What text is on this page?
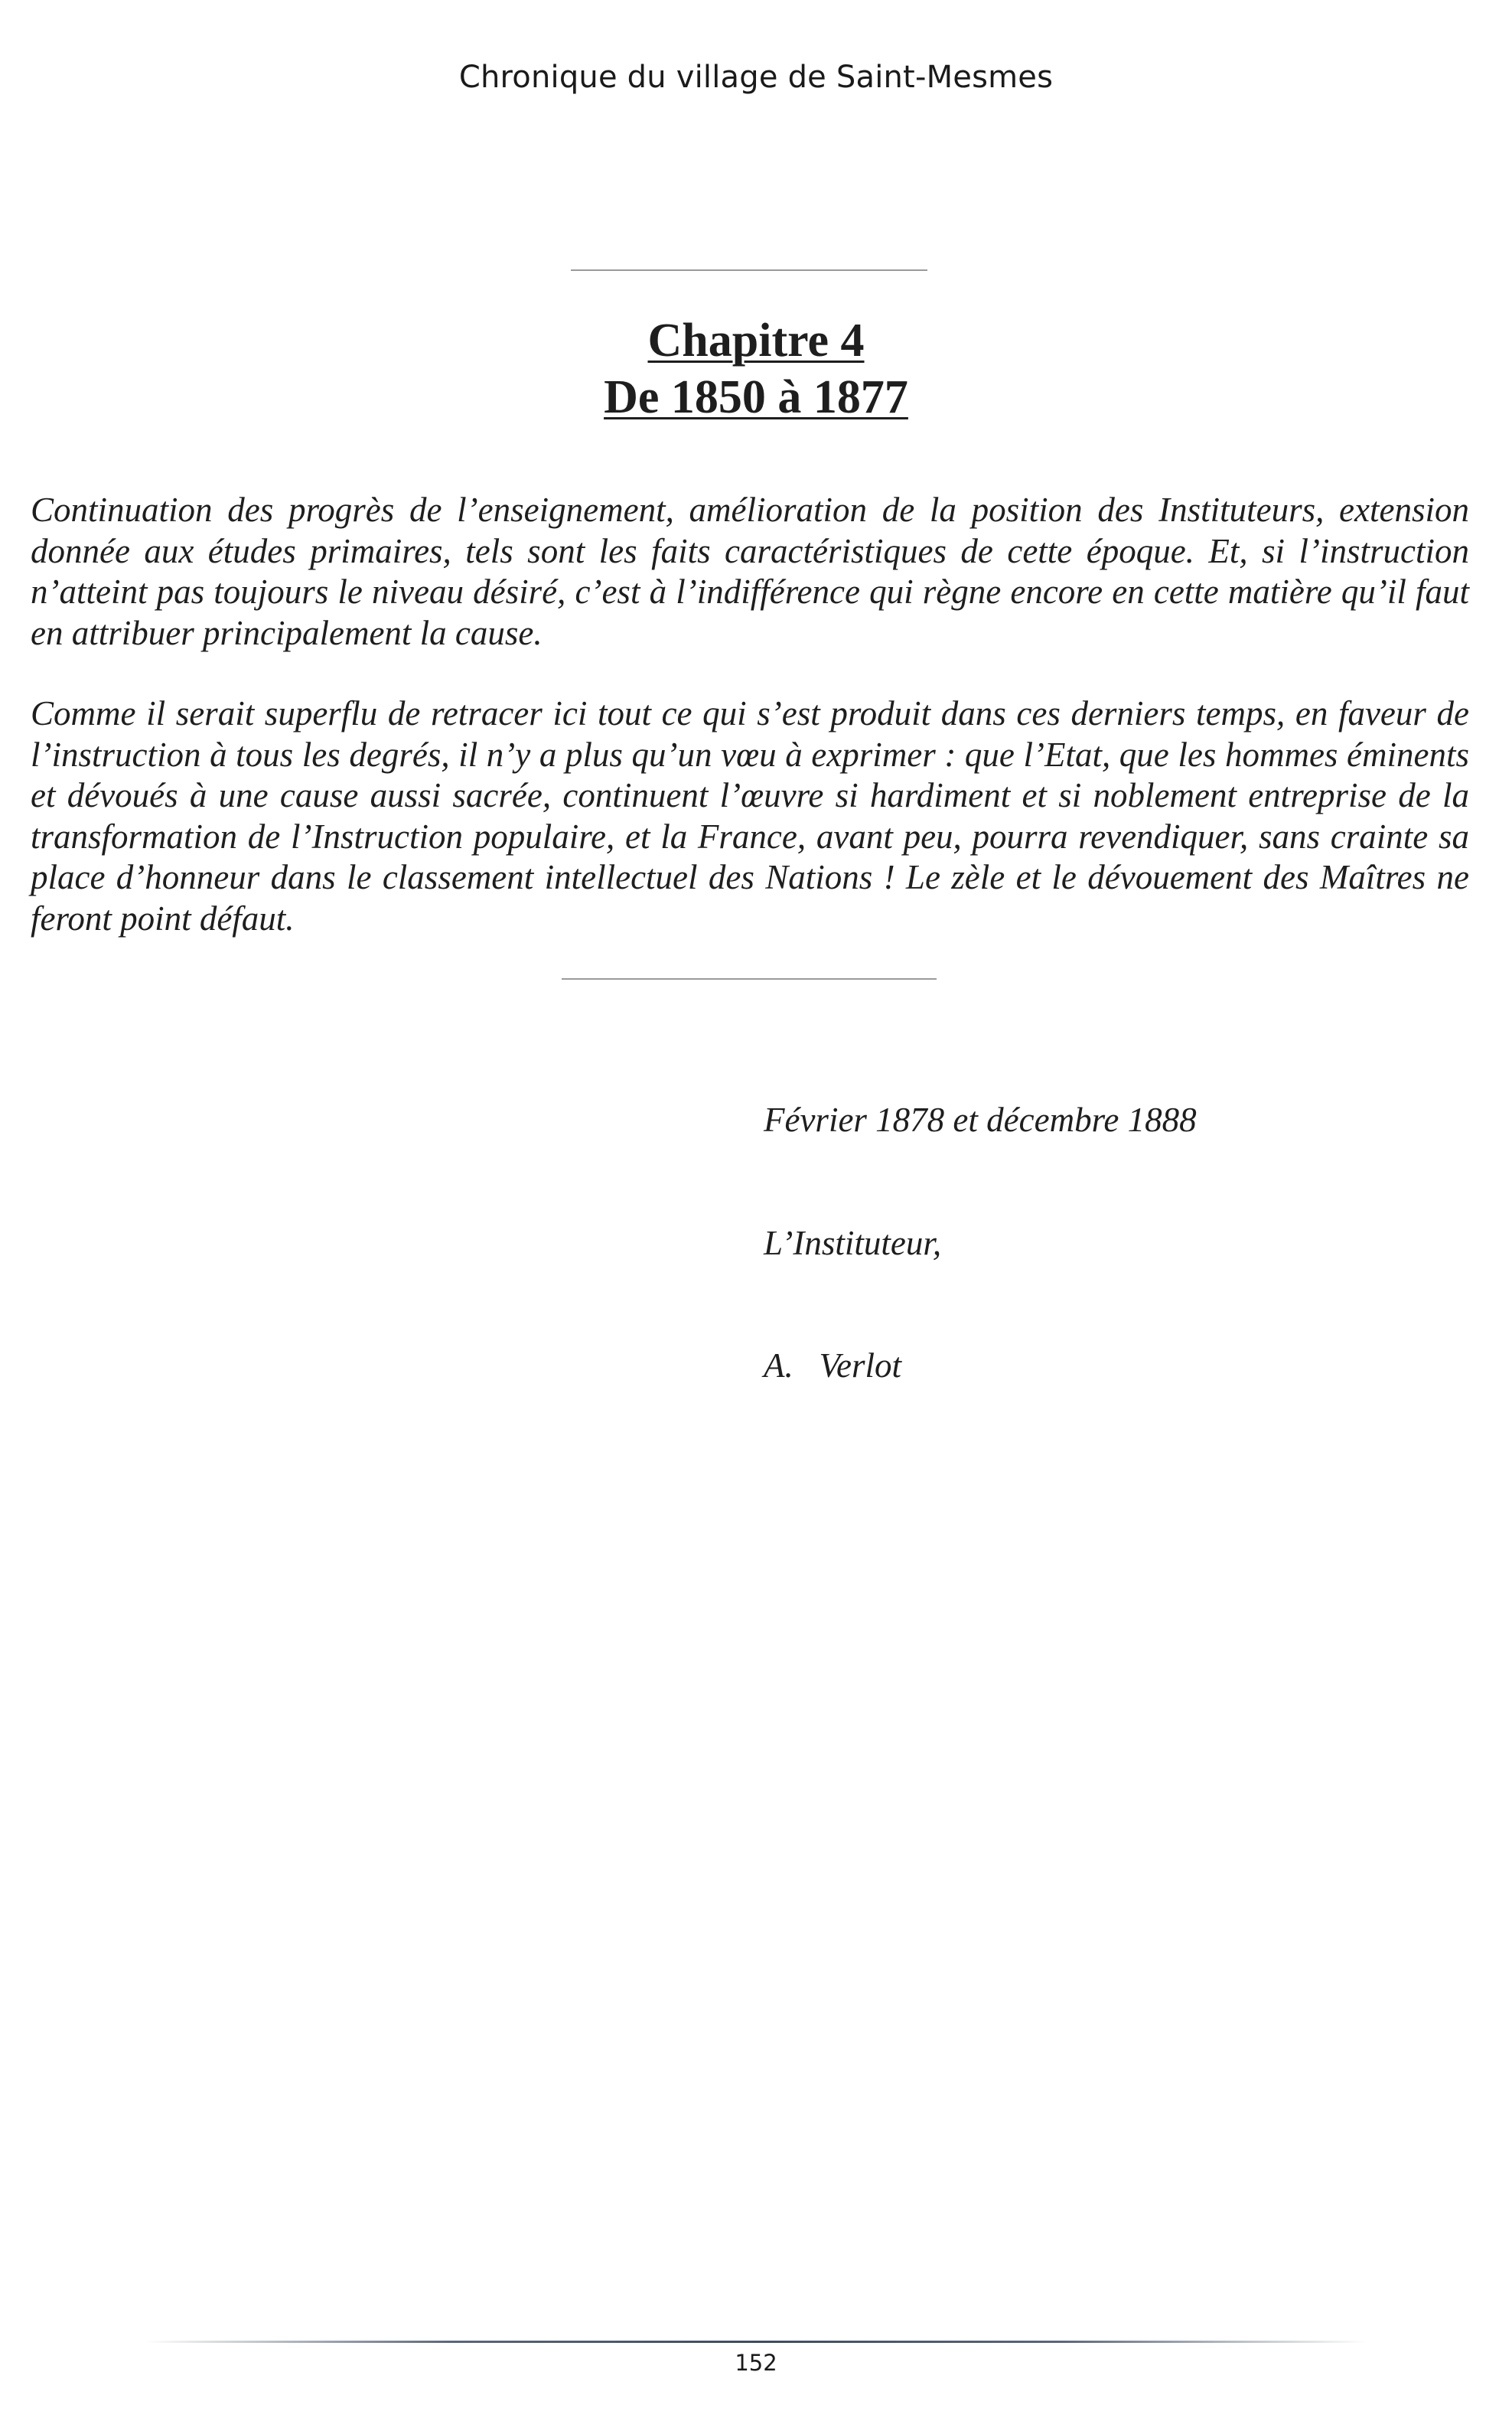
Chronique du village de Saint-Mesmes
Chapitre 4
De 1850 à 1877

Continuation des progrès de l’enseignement, amélioration de la position des Instituteurs, extension donnée aux études primaires, tels sont les faits caractéristiques de cette époque. Et, si l’instruction n’atteint pas toujours le niveau désiré, c’est à l’indifférence qui règne encore en cette matière qu’il faut en attribuer principalement la cause.

Comme il serait superflu de retracer ici tout ce qui s’est produit dans ces derniers temps, en faveur de l’instruction à tous les degrés, il n’y a plus qu’un vœu à exprimer : que l’Etat, que les hommes éminents et dévoués à une cause aussi sacrée, continuent l’œuvre si hardiment et si noblement entreprise de la transformation de l’Instruction populaire, et la France, avant peu, pourra revendiquer, sans crainte sa place d’honneur dans le classement intellectuel des Nations ! Le zèle et le dévouement des Maîtres ne feront point défaut.

Février 1878 et décembre 1888

L’Instituteur,

A.   Verlot

152
